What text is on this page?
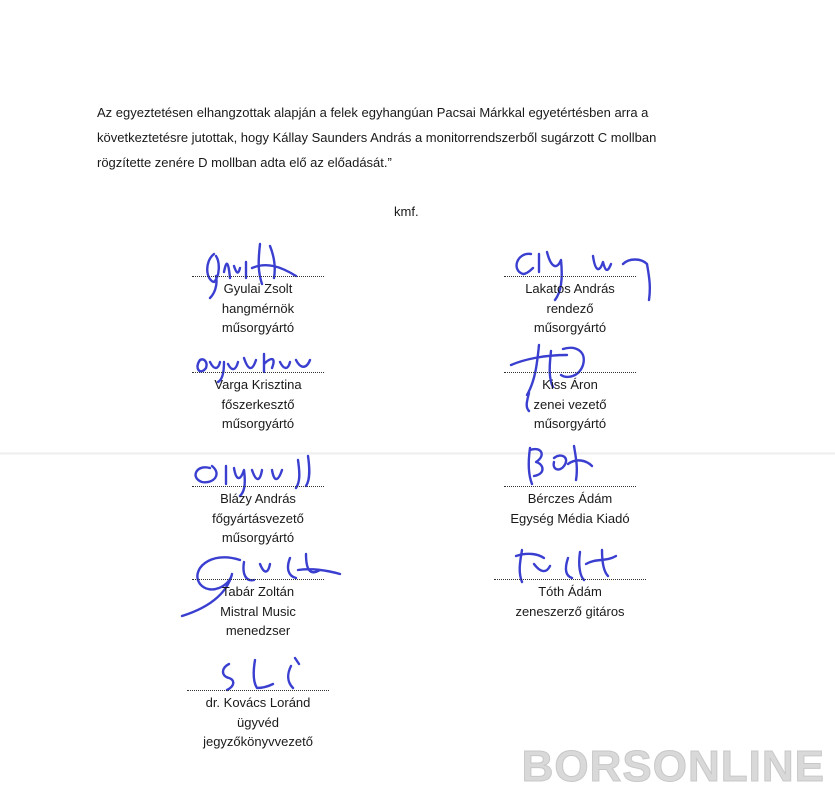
Az egyeztetésen elhangzottak alapján a felek egyhangúan Pacsai Márkkal egyetértésben arra a
következtetésre jutottak, hogy Kállay Saunders András a monitorrendszerből sugárzott C mollban
rögzítette zenére D mollban adta elő az előadását.”

kmf.
Gyulai Zsolt
hangmérnök
műsorgyártó
Varga Krisztina
főszerkesztő
műsorgyártó
Blázy András
főgyártásvezető
műsorgyártó
Tabár Zoltán
Mistral Music
menedzser
dr. Kovács Loránd
ügyvéd
jegyzőkönyvvezető
Lakatos András
rendező
műsorgyártó
Kiss Áron
zenei vezető
műsorgyártó
Bérczes Ádám
Egység Média Kiadó
Tóth Ádám
zeneszerző gitáros
BORSONLINE
